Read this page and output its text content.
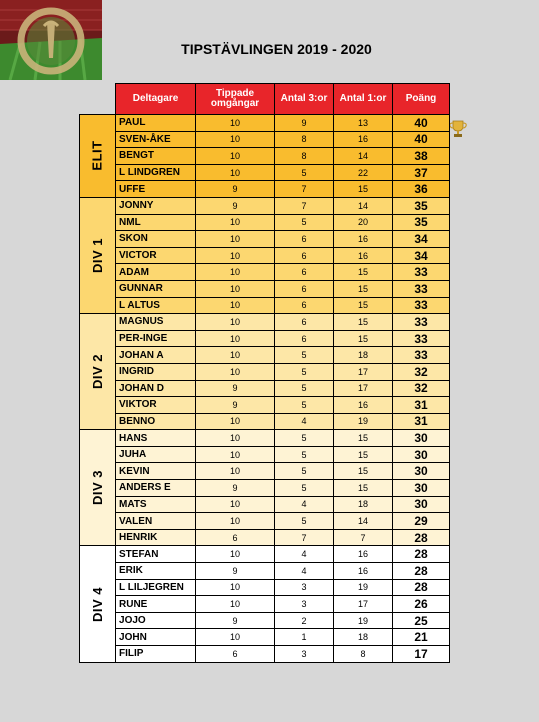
TIPSTÄVLINGEN 2019 - 2020
	Deltagare	Tippade omgångar	Antal 3:or	Antal 1:or	Poäng
ELIT	PAUL	10	9	13	40
	SVEN-ÅKE	10	8	16	40
	BENGT	10	8	14	38
	L LINDGREN	10	5	22	37
	UFFE	9	7	15	36
DIV 1	JONNY	9	7	14	35
	NML	10	5	20	35
	SKON	10	6	16	34
	VICTOR	10	6	16	34
	ADAM	10	6	15	33
	GUNNAR	10	6	15	33
	L ALTUS	10	6	15	33
DIV 2	MAGNUS	10	6	15	33
	PER-INGE	10	6	15	33
	JOHAN A	10	5	18	33
	INGRID	10	5	17	32
	JOHAN D	9	5	17	32
	VIKTOR	9	5	16	31
	BENNO	10	4	19	31
DIV 3	HANS	10	5	15	30
	JUHA	10	5	15	30
	KEVIN	10	5	15	30
	ANDERS E	9	5	15	30
	MATS	10	4	18	30
	VALEN	10	5	14	29
	HENRIK	6	7	7	28
DIV 4	STEFAN	10	4	16	28
	ERIK	9	4	16	28
	L LILJEGREN	10	3	19	28
	RUNE	10	3	17	26
	JOJO	9	2	19	25
	JOHN	10	1	18	21
	FILIP	6	3	8	17
